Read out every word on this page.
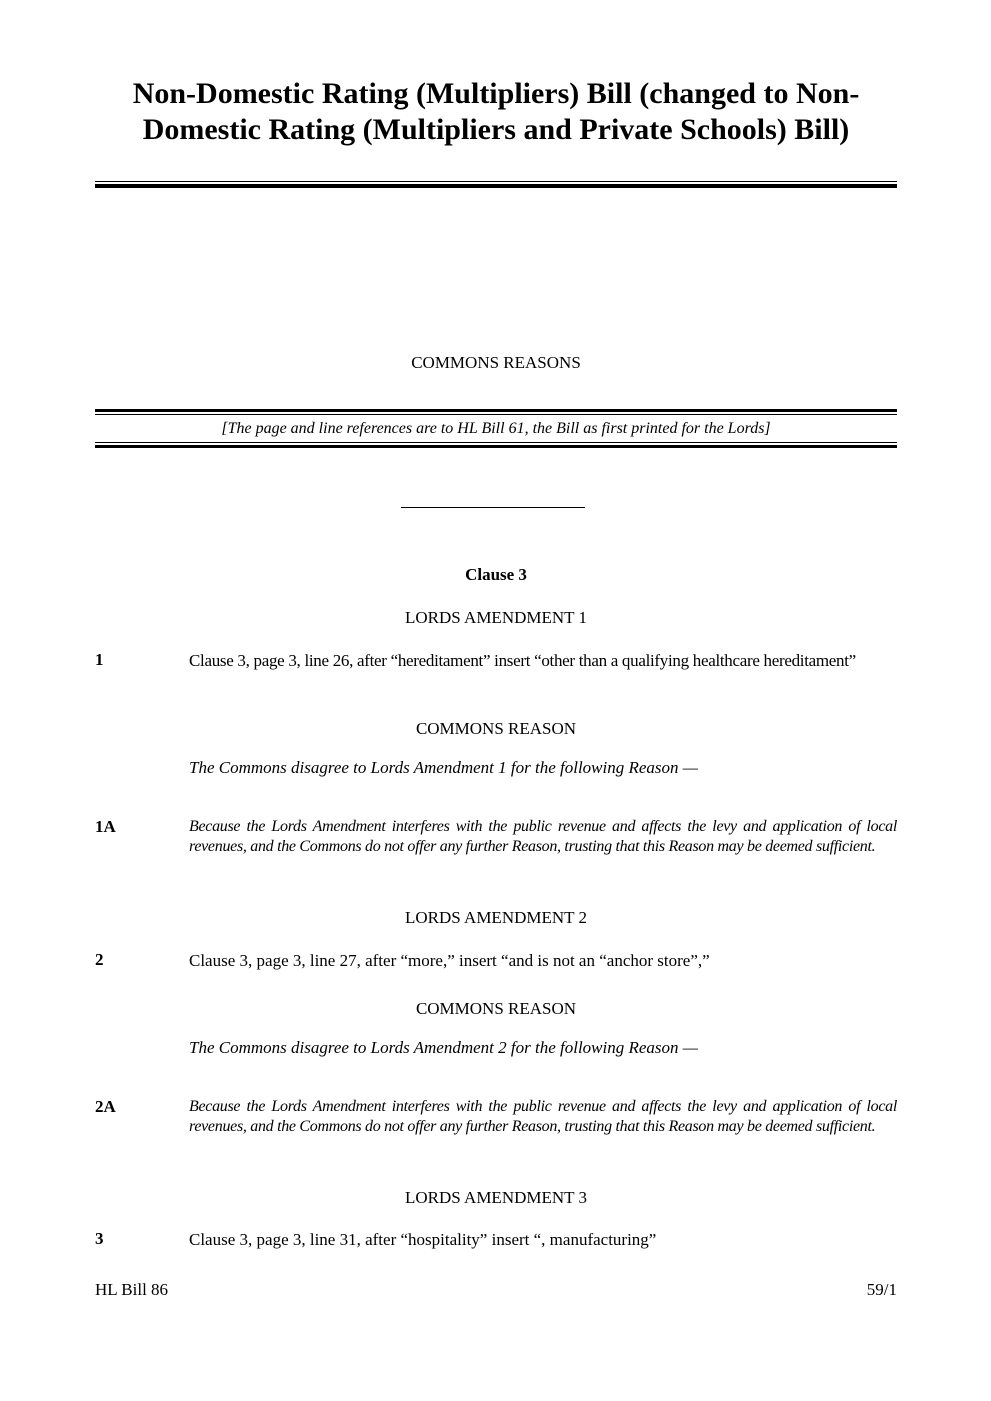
Non-Domestic Rating (Multipliers) Bill (changed to Non-
Domestic Rating (Multipliers and Private Schools) Bill)
COMMONS REASONS
[The page and line references are to HL Bill 61, the Bill as first printed for the Lords]
Clause 3
LORDS AMENDMENT 1
1	Clause 3, page 3, line 26, after “hereditament” insert “other than a qualifying healthcare hereditament”
COMMONS REASON
The Commons disagree to Lords Amendment 1 for the following Reason —
1A	Because the Lords Amendment interferes with the public revenue and affects the levy and application of local revenues, and the Commons do not offer any further Reason, trusting that this Reason may be deemed sufficient.
LORDS AMENDMENT 2
2	Clause 3, page 3, line 27, after “more,” insert “and is not an “anchor store”,”
COMMONS REASON
The Commons disagree to Lords Amendment 2 for the following Reason —
2A	Because the Lords Amendment interferes with the public revenue and affects the levy and application of local revenues, and the Commons do not offer any further Reason, trusting that this Reason may be deemed sufficient.
LORDS AMENDMENT 3
3	Clause 3, page 3, line 31, after “hospitality” insert “, manufacturing”
HL Bill 86	59/1
